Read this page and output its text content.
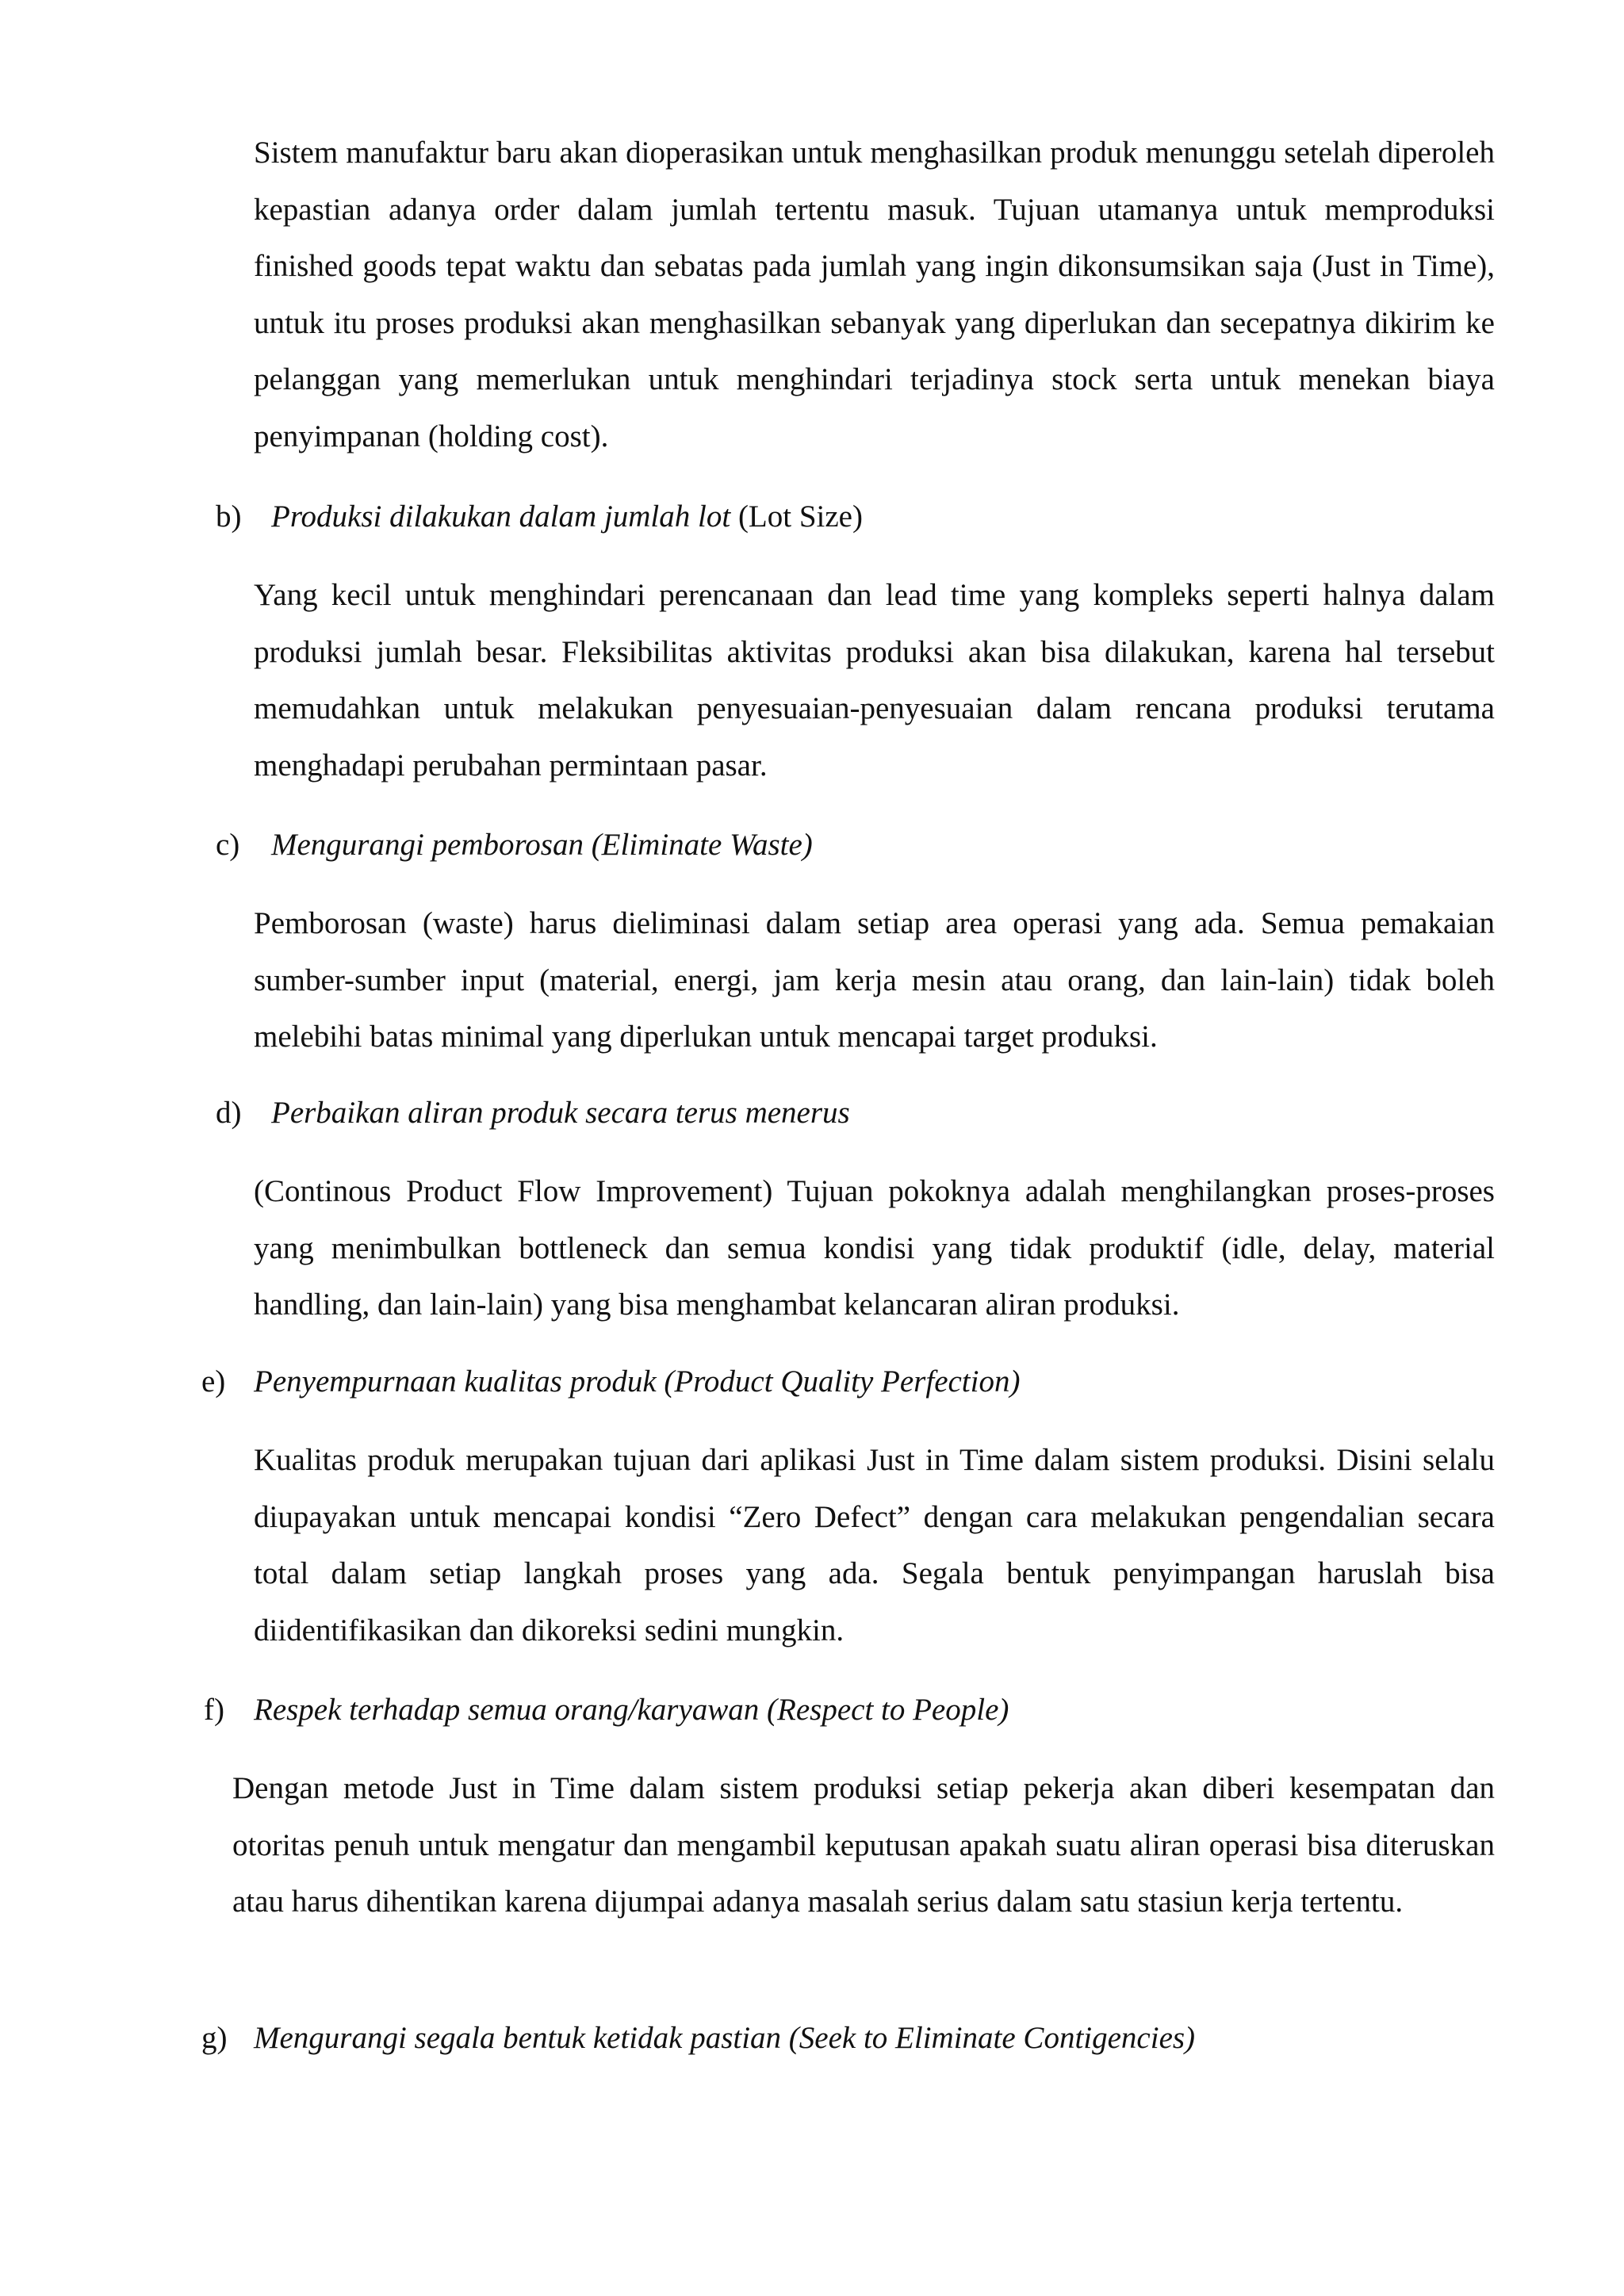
Sistem manufaktur baru akan dioperasikan untuk menghasilkan produk menunggu setelah diperoleh kepastian adanya order dalam jumlah tertentu masuk. Tujuan utamanya untuk memproduksi finished goods tepat waktu dan sebatas pada jumlah yang ingin dikonsumsikan saja (Just in Time), untuk itu proses produksi akan menghasilkan sebanyak yang diperlukan dan secepatnya dikirim ke pelanggan yang memerlukan untuk menghindari terjadinya stock serta untuk menekan biaya penyimpanan (holding cost).

b) Produksi dilakukan dalam jumlah lot (Lot Size)

Yang kecil untuk menghindari perencanaan dan lead time yang kompleks seperti halnya dalam produksi jumlah besar. Fleksibilitas aktivitas produksi akan bisa dilakukan, karena hal tersebut memudahkan untuk melakukan penyesuaian-penyesuaian dalam rencana produksi terutama menghadapi perubahan permintaan pasar.

c) Mengurangi pemborosan (Eliminate Waste)

Pemborosan (waste) harus dieliminasi dalam setiap area operasi yang ada. Semua pemakaian sumber-sumber input (material, energi, jam kerja mesin atau orang, dan lain-lain) tidak boleh melebihi batas minimal yang diperlukan untuk mencapai target produksi.

d) Perbaikan aliran produk secara terus menerus

(Continous Product Flow Improvement) Tujuan pokoknya adalah menghilangkan proses-proses yang menimbulkan bottleneck dan semua kondisi yang tidak produktif (idle, delay, material handling, dan lain-lain) yang bisa menghambat kelancaran aliran produksi.

e) Penyempurnaan kualitas produk (Product Quality Perfection)

Kualitas produk merupakan tujuan dari aplikasi Just in Time dalam sistem produksi. Disini selalu diupayakan untuk mencapai kondisi “Zero Defect” dengan cara melakukan pengendalian secara total dalam setiap langkah proses yang ada. Segala bentuk penyimpangan haruslah bisa diidentifikasikan dan dikoreksi sedini mungkin.

f) Respek terhadap semua orang/karyawan (Respect to People)

Dengan metode Just in Time dalam sistem produksi setiap pekerja akan diberi kesempatan dan otoritas penuh untuk mengatur dan mengambil keputusan apakah suatu aliran operasi bisa diteruskan atau harus dihentikan karena dijumpai adanya masalah serius dalam satu stasiun kerja tertentu.

g) Mengurangi segala bentuk ketidak pastian (Seek to Eliminate Contigencies)
